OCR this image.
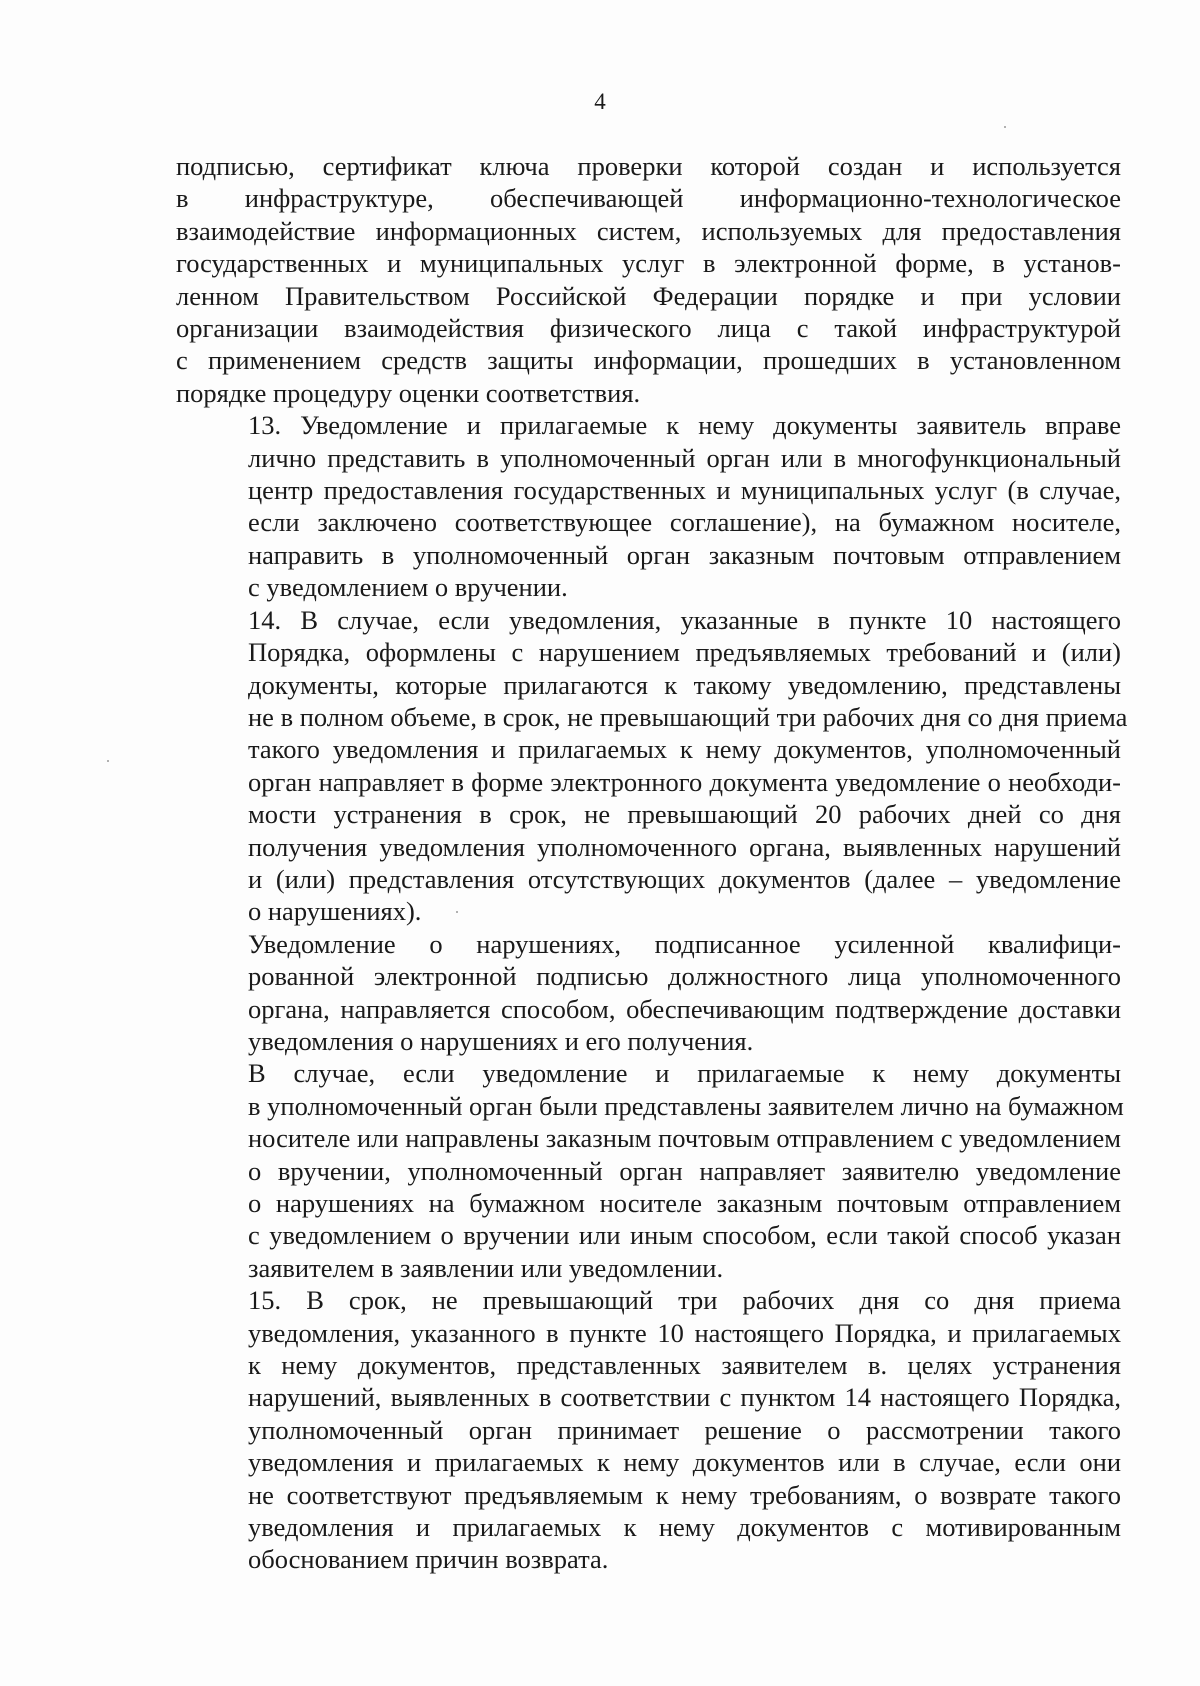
4

подписью, сертификат ключа проверки которой создан и используется
в инфраструктуре, обеспечивающей информационно-технологическое
взаимодействие информационных систем, используемых для предоставления
государственных и муниципальных услуг в электронной форме, в установ-
ленном Правительством Российской Федерации порядке и при условии
организации взаимодействия физического лица с такой инфраструктурой
с применением средств защиты информации, прошедших в установленном
порядке процедуру оценки соответствия.

13. Уведомление и прилагаемые к нему документы заявитель вправе
лично представить в уполномоченный орган или в многофункциональный
центр предоставления государственных и муниципальных услуг (в случае,
если заключено соответствующее соглашение), на бумажном носителе,
направить в уполномоченный орган заказным почтовым отправлением
с уведомлением о вручении.

14. В случае, если уведомления, указанные в пункте 10 настоящего
Порядка, оформлены с нарушением предъявляемых требований и (или)
документы, которые прилагаются к такому уведомлению, представлены
не в полном объеме, в срок, не превышающий три рабочих дня со дня приема
такого уведомления и прилагаемых к нему документов, уполномоченный
орган направляет в форме электронного документа уведомление о необходи-
мости устранения в срок, не превышающий 20 рабочих дней со дня
получения уведомления уполномоченного органа, выявленных нарушений
и (или) представления отсутствующих документов (далее – уведомление
о нарушениях).

Уведомление о нарушениях, подписанное усиленной квалифици-
рованной электронной подписью должностного лица уполномоченного
органа, направляется способом, обеспечивающим подтверждение доставки
уведомления о нарушениях и его получения.

В случае, если уведомление и прилагаемые к нему документы
в уполномоченный орган были представлены заявителем лично на бумажном
носителе или направлены заказным почтовым отправлением с уведомлением
о вручении, уполномоченный орган направляет заявителю уведомление
о нарушениях на бумажном носителе заказным почтовым отправлением
с уведомлением о вручении или иным способом, если такой способ указан
заявителем в заявлении или уведомлении.

15. В срок, не превышающий три рабочих дня со дня приема
уведомления, указанного в пункте 10 настоящего Порядка, и прилагаемых
к нему документов, представленных заявителем в. целях устранения
нарушений, выявленных в соответствии с пунктом 14 настоящего Порядка,
уполномоченный орган принимает решение о рассмотрении такого
уведомления и прилагаемых к нему документов или в случае, если они
не соответствуют предъявляемым к нему требованиям, о возврате такого
уведомления и прилагаемых к нему документов с мотивированным
обоснованием причин возврата.
